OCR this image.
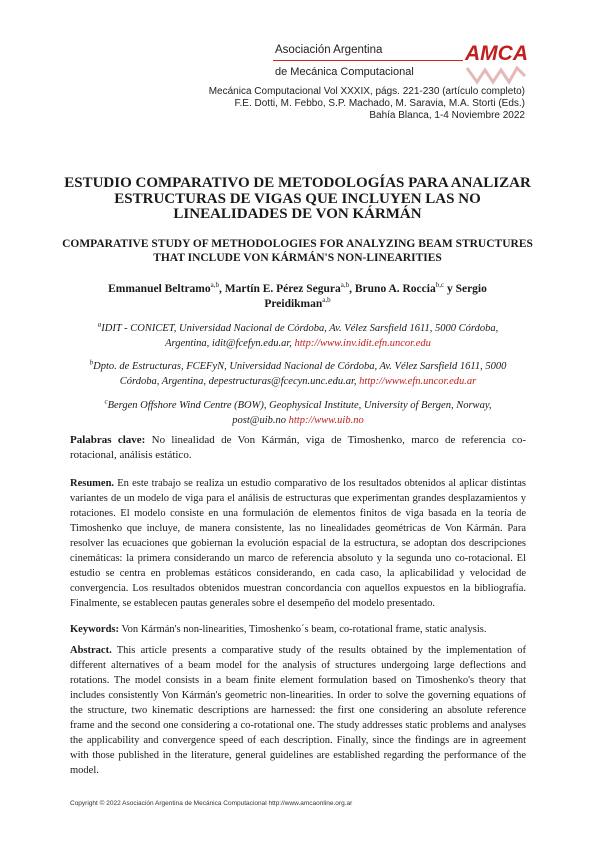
Asociación Argentina
de Mecánica Computacional
AMCA
Mecánica Computacional Vol XXXIX, págs. 221-230 (artículo completo)
F.E. Dotti, M. Febbo, S.P. Machado, M. Saravia, M.A. Storti (Eds.)
Bahía Blanca, 1-4 Noviembre 2022
ESTUDIO COMPARATIVO DE METODOLOGÍAS PARA ANALIZAR ESTRUCTURAS DE VIGAS QUE INCLUYEN LAS NO LINEALIDADES DE VON KÁRMÁN
COMPARATIVE STUDY OF METHODOLOGIES FOR ANALYZING BEAM STRUCTURES THAT INCLUDE VON KÁRMÁN'S NON-LINEARITIES
Emmanuel Beltramo$^{a,b}$, Martín E. Pérez Segura$^{a,b}$, Bruno A. Roccia$^{b,c}$ y Sergio Preidikman$^{a,b}$
$^a$IDIT - CONICET, Universidad Nacional de Córdoba, Av. Vélez Sarsfield 1611, 5000 Córdoba, Argentina, idit@fcefyn.edu.ar, http://www.inv.idit.efn.uncor.edu
$^b$Dpto. de Estructuras, FCEFyN, Universidad Nacional de Córdoba, Av. Vélez Sarsfield 1611, 5000 Córdoba, Argentina, depestructuras@fcecyn.unc.edu.ar, http://www.efn.uncor.edu.ar
$^c$Bergen Offshore Wind Centre (BOW), Geophysical Institute, University of Bergen, Norway, post@uib.no http://www.uib.no
Palabras clave: No linealidad de Von Kármán, viga de Timoshenko, marco de referencia co-rotacional, análisis estático.
Resumen. En este trabajo se realiza un estudio comparativo de los resultados obtenidos al aplicar distintas variantes de un modelo de viga para el análisis de estructuras que experimentan grandes desplazamientos y rotaciones. El modelo consiste en una formulación de elementos finitos de viga basada en la teoría de Timoshenko que incluye, de manera consistente, las no linealidades geométricas de Von Kármán. Para resolver las ecuaciones que gobiernan la evolución espacial de la estructura, se adoptan dos descripciones cinemáticas: la primera considerando un marco de referencia absoluto y la segunda uno co-rotacional. El estudio se centra en problemas estáticos considerando, en cada caso, la aplicabilidad y velocidad de convergencia. Los resultados obtenidos muestran concordancia con aquellos expuestos en la bibliografía. Finalmente, se establecen pautas generales sobre el desempeño del modelo presentado.
Keywords: Von Kármán's non-linearities, Timoshenko´s beam, co-rotational frame, static analysis.
Abstract. This article presents a comparative study of the results obtained by the implementation of different alternatives of a beam model for the analysis of structures undergoing large deflections and rotations. The model consists in a beam finite element formulation based on Timoshenko's theory that includes consistently Von Kármán's geometric non-linearities. In order to solve the governing equations of the structure, two kinematic descriptions are harnessed: the first one considering an absolute reference frame and the second one considering a co-rotational one. The study addresses static problems and analyses the applicability and convergence speed of each description. Finally, since the findings are in agreement with those published in the literature, general guidelines are established regarding the performance of the model.
Copyright © 2022 Asociación Argentina de Mecánica Computacional http://www.amcaonline.org.ar
